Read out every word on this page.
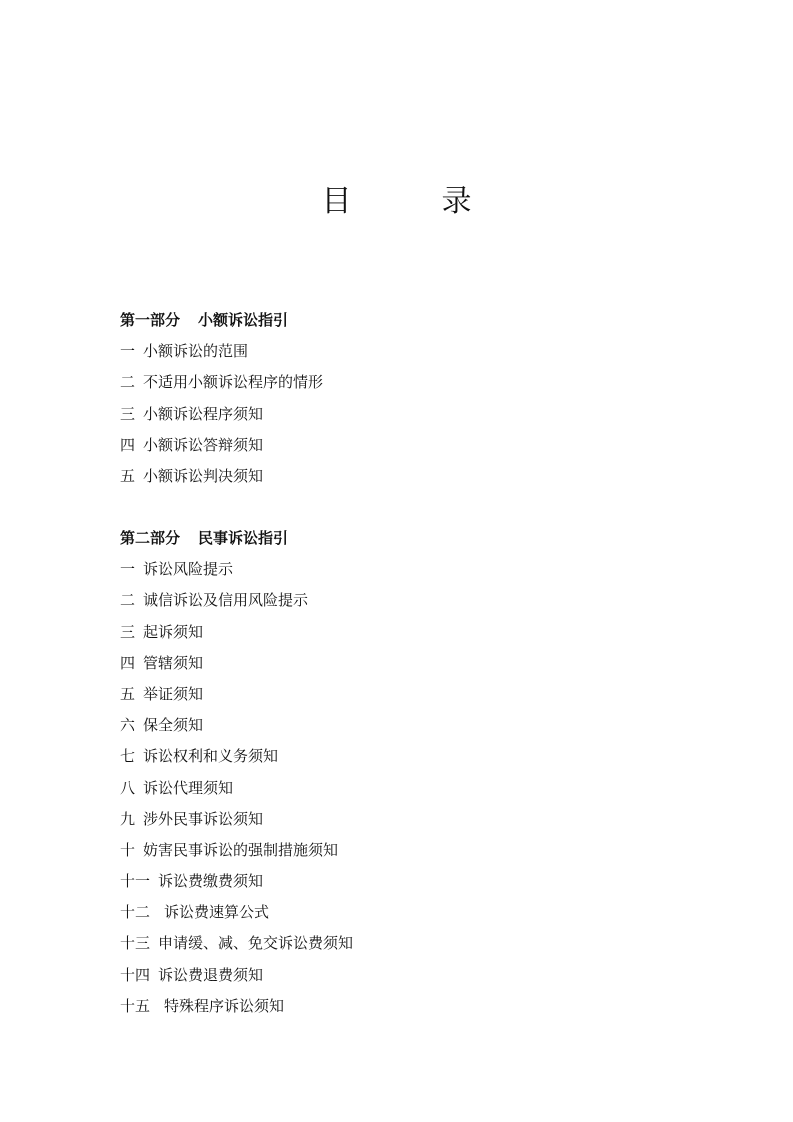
目　录

第一部分 小额诉讼指引

一 小额诉讼的范围
二 不适用小额诉讼程序的情形
三 小额诉讼程序须知
四 小额诉讼答辩须知
五 小额诉讼判决须知

第二部分 民事诉讼指引

一 诉讼风险提示
二 诚信诉讼及信用风险提示
三 起诉须知
四 管辖须知
五 举证须知
六 保全须知
七 诉讼权利和义务须知
八 诉讼代理须知
九 涉外民事诉讼须知
十 妨害民事诉讼的强制措施须知
十一 诉讼费缴费须知
十二 诉讼费速算公式
十三 申请缓、减、免交诉讼费须知
十四 诉讼费退费须知
十五 特殊程序诉讼须知
